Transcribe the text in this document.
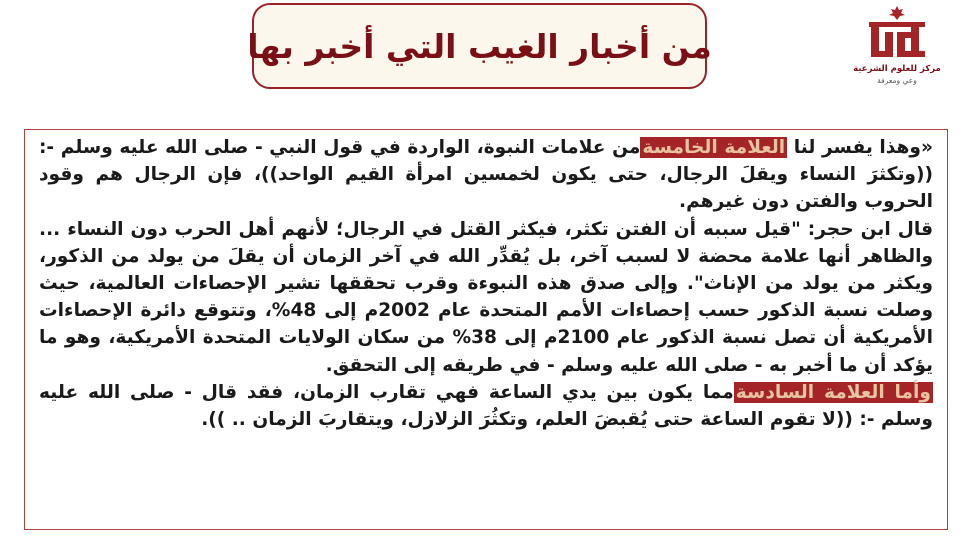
من أخبار الغيب التي أخبر بها
مركز للعلوم الشرعية
وعي ومعرفة

«وهذا يفسر لنا العلامة الخامسةمن علامات النبوة، الواردة في قول النبي - صلى الله عليه وسلم -: ((وتكثرَ النساء ويقلَ الرجال، حتى يكون لخمسين امرأة القيم الواحد))، فإن الرجال هم وقود الحروب والفتن دون غيرهم.

قال ابن حجر: "قيل سببه أن الفتن تكثر، فيكثر القتل في الرجال؛ لأنهم أهل الحرب دون النساء ... والظاهر أنها علامة محضة لا لسبب آخر، بل يُقدِّر الله في آخر الزمان أن يقلَ من يولد من الذكور، ويكثر من يولد من الإناث". وإلى صدق هذه النبوءة وقرب تحققها تشير الإحصاءات العالمية، حيث وصلت نسبة الذكور حسب إحصاءات الأمم المتحدة عام 2002م إلى 48%، وتتوقع دائرة الإحصاءات الأمريكية أن تصل نسبة الذكور عام 2100م إلى 38% من سكان الولايات المتحدة الأمريكية، وهو ما يؤكد أن ما أخبر به - صلى الله عليه وسلم - في طريقه إلى التحقق.

وأما العلامة السادسةمما يكون بين يدي الساعة فهي تقارب الزمان، فقد قال - صلى الله عليه وسلم -: ((لا تقوم الساعة حتى يُقبضَ العلم، وتكثُرَ الزلازل، ويتقاربَ الزمان .. )).
